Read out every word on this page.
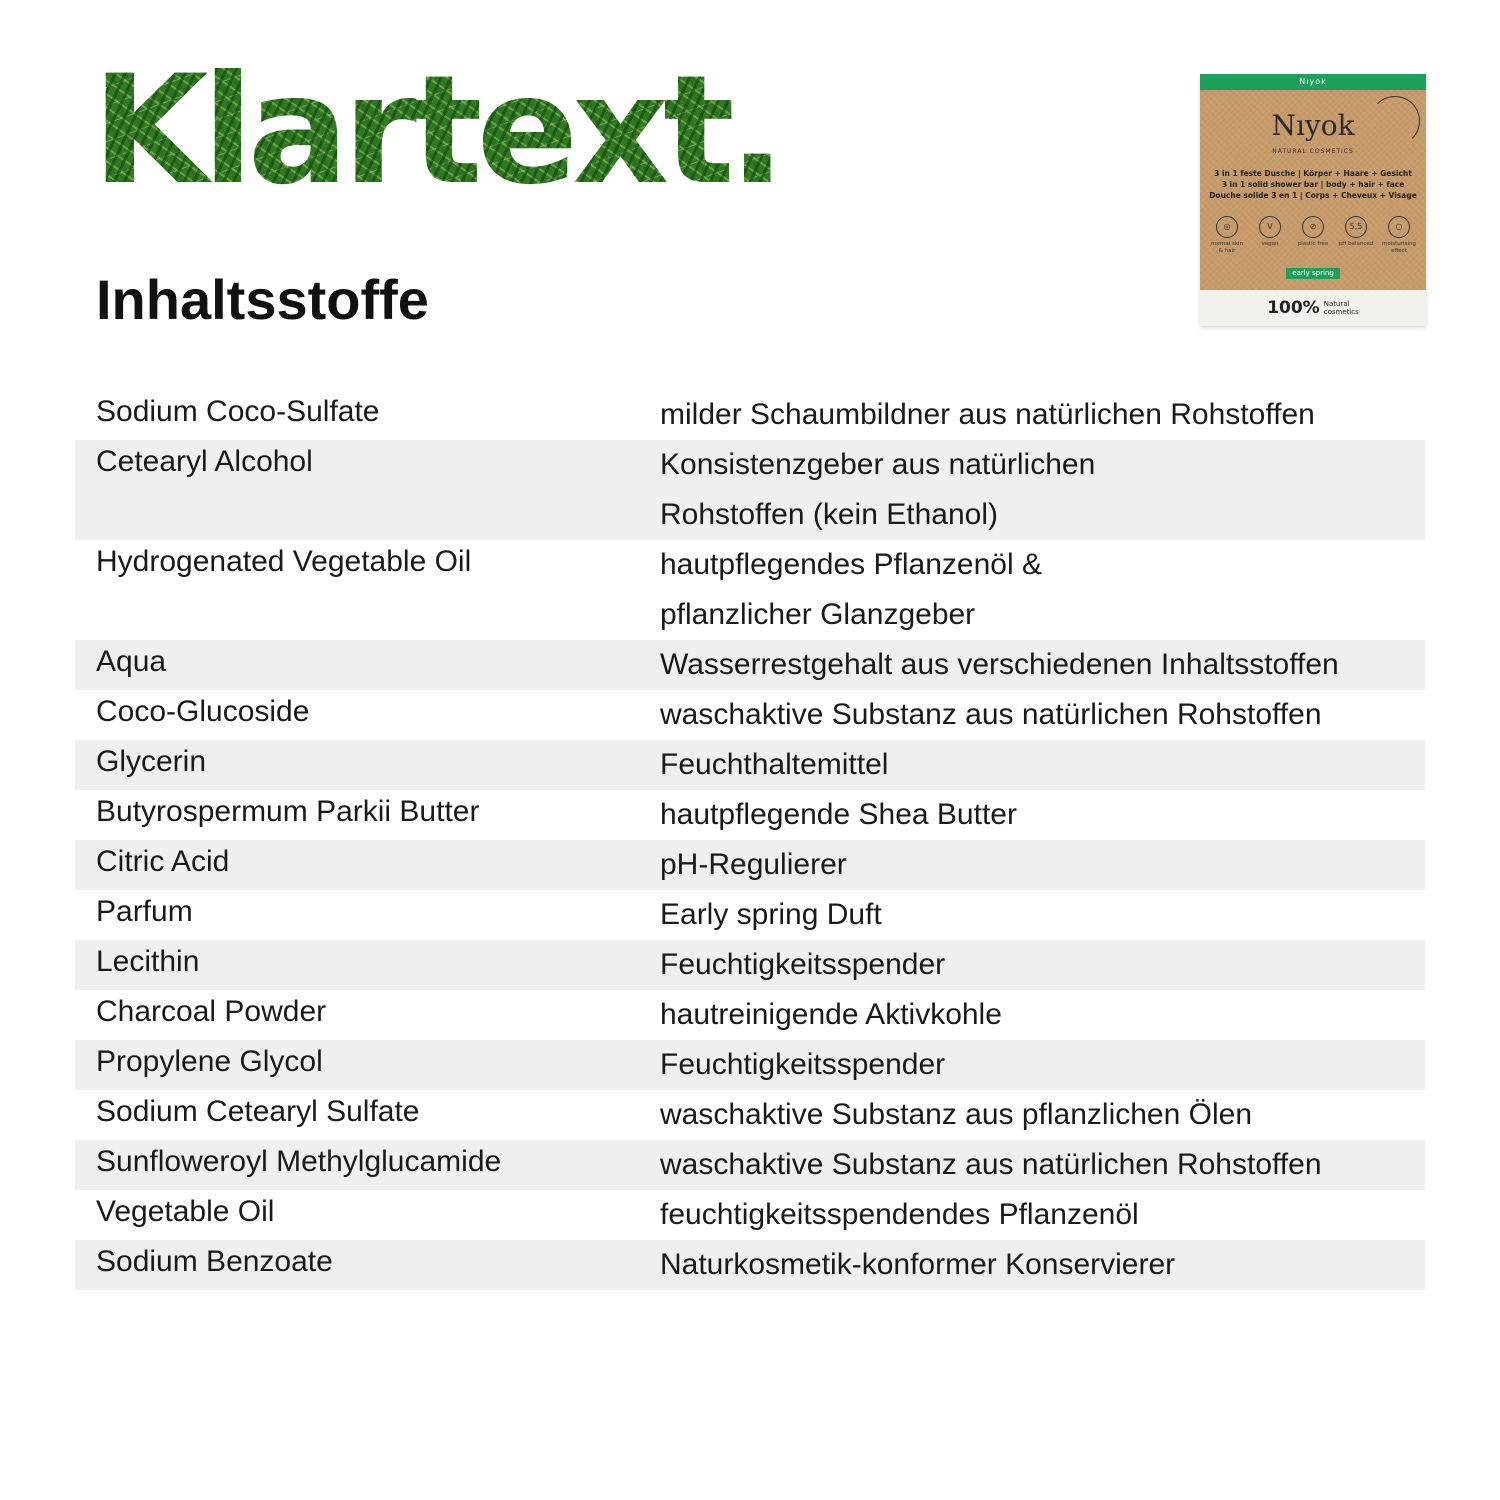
Klartext.
Inhaltsstoffe
Nıyok
Nıyok
NATURAL COSMETICS
3 in 1 feste Dusche | Körper + Haare + Gesicht
3 in 1 solid shower bar | body + hair + face
Douche solide 3 en 1 | Corps + Cheveux + Visage
◎
normal skin & hair
V
vegan
⊘
plastic free
5,5
pH balanced
○
moisturising effect
early spring
100% Natural
cosmetics
Sodium Coco-Sulfate	milder Schaumbildner aus natürlichen Rohstoffen
Cetearyl Alcohol	Konsistenzgeber aus natürlichen
Rohstoffen (kein Ethanol)
Hydrogenated Vegetable Oil	hautpflegendes Pflanzenöl &
pflanzlicher Glanzgeber
Aqua	Wasserrestgehalt aus verschiedenen Inhaltsstoffen
Coco-Glucoside	waschaktive Substanz aus natürlichen Rohstoffen
Glycerin	Feuchthaltemittel
Butyrospermum Parkii Butter	hautpflegende Shea Butter
Citric Acid	pH-Regulierer
Parfum	Early spring Duft
Lecithin	Feuchtigkeitsspender
Charcoal Powder	hautreinigende Aktivkohle
Propylene Glycol	Feuchtigkeitsspender
Sodium Cetearyl Sulfate	waschaktive Substanz aus pflanzlichen Ölen
Sunfloweroyl Methylglucamide	waschaktive Substanz aus natürlichen Rohstoffen
Vegetable Oil	feuchtigkeitsspendendes Pflanzenöl
Sodium Benzoate	Naturkosmetik-konformer Konservierer
